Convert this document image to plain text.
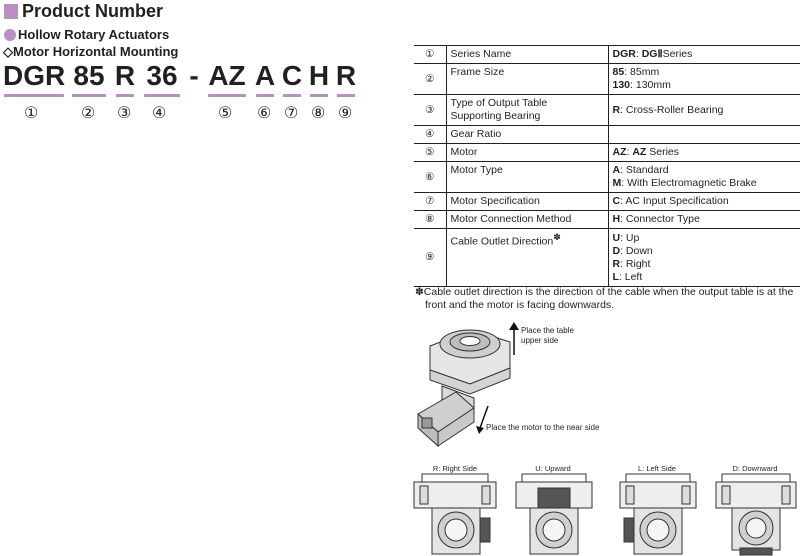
Product Number
Hollow Rotary Actuators
◇Motor Horizontal Mounting
DGR 85 R 36 - AZ A C H R
①	② ③ ④	⑤ ⑥ ⑦ ⑧ ⑨
①	Series Name	DGR: DGⅡSeries
②	Frame Size	85: 85mm
130: 130mm

③	Type of Output Table
Supporting Bearing	R: Cross-Roller Bearing
④	Gear Ratio	
⑤	Motor	AZ: AZ Series
⑥	Motor Type	A: Standard
M: With Electromagnetic Brake

⑦	Motor Specification	C: AC Input Specification
⑧	Motor Connection Method	H: Connector Type
⑨	Cable Outlet Direction✽	U: Up
D: Down
R: Right
L: Left
✽Cable outlet direction is the direction of the cable when the output table is at the
front and the motor is facing downwards.
Place the table
upper side
Place the motor to the near side
R: Right Side	U: Upward	L: Left Side	D: Downward
